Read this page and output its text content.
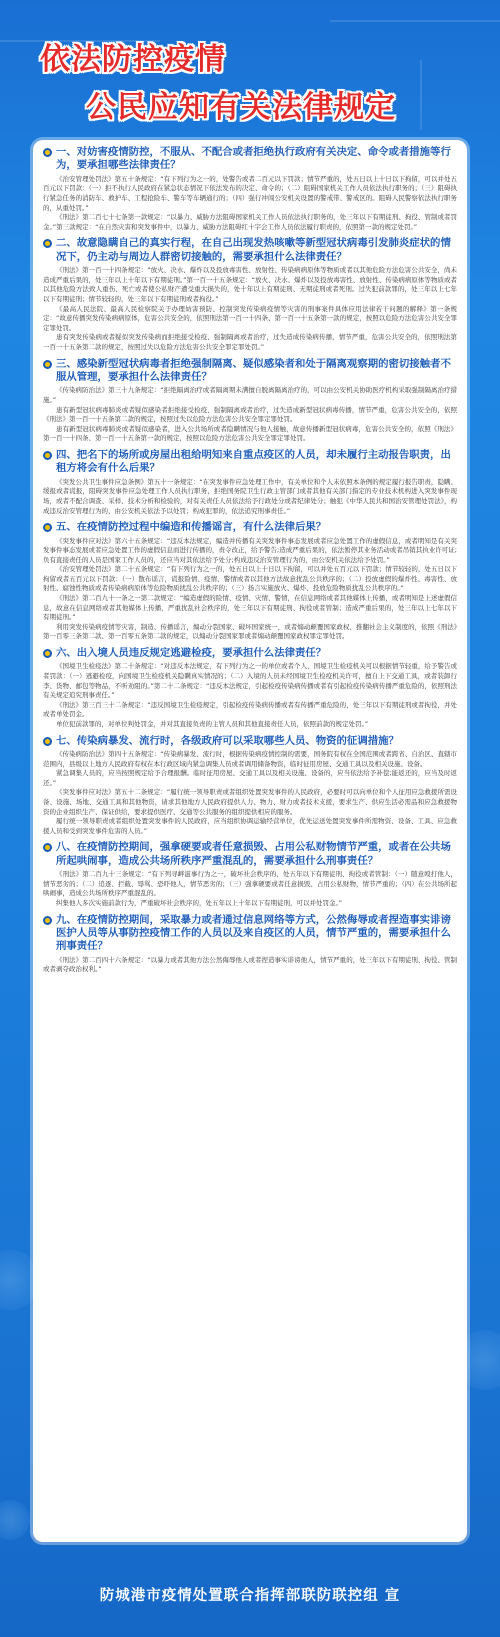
依法防控疫情
公民应知有关法律规定
一、对妨害疫情防控，不服从、不配合或者拒绝执行政府有关决定、命令或者措施等行为，要承担哪些法律责任？

《治安管理处罚法》第五十条规定：“有下列行为之一的，处警告或者二百元以下罚款；情节严重的，处五日以上十日以下拘留，可以并处五百元以下罚款：（一）拒不执行人民政府在紧急状态情况下依法发布的决定、命令的；（二）阻碍国家机关工作人员依法执行职务的；（三）阻碍执行紧急任务的消防车、救护车、工程抢险车、警车等车辆通行的；（四）强行冲闯公安机关设置的警戒带、警戒区的。阻碍人民警察依法执行职务的，从重处罚。”

《刑法》第二百七十七条第一款规定：“以暴力、威胁方法阻碍国家机关工作人员依法执行职务的，处三年以下有期徒刑、拘役、管制或者罚金。”第三款规定：“在自然灾害和突发事件中，以暴力、威胁方法阻碍红十字会工作人员依法履行职责的，依照第一款的规定处罚。”

二、故意隐瞒自己的真实行程，在自己出现发热咳嗽等新型冠状病毒引发肺炎症状的情况下，仍主动与周边人群密切接触的，需要承担什么法律责任？

《刑法》第一百一十四条规定：“放火、决水、爆炸以及投放毒害性、放射性、传染病病原体等物质或者以其他危险方法危害公共安全，尚未造成严重后果的，处三年以上十年以下有期徒刑。”第一百一十五条规定：“放火、决水、爆炸以及投放毒害性、放射性、传染病病原体等物质或者以其他危险方法致人重伤、死亡或者使公私财产遭受重大损失的，处十年以上有期徒刑、无期徒刑或者死刑。过失犯前款罪的，处三年以上七年以下有期徒刑；情节较轻的，处三年以下有期徒刑或者拘役。”

《最高人民法院、最高人民检察院关于办理妨害预防、控制突发传染病疫情等灾害的刑事案件具体应用法律若干问题的解释》第一条规定：“故意传播突发传染病病原体，危害公共安全的，依照刑法第一百一十四条、第一百一十五条第一款的规定，按照以危险方法危害公共安全罪定罪处罚。

患有突发传染病或者疑似突发传染病而拒绝接受检疫、强制隔离或者治疗，过失造成传染病传播，情节严重，危害公共安全的，依照刑法第一百一十五条第二款的规定，按照过失以危险方法危害公共安全罪定罪处罚。”

三、感染新型冠状病毒者拒绝强制隔离、疑似感染者和处于隔离观察期的密切接触者不服从管理，要承担什么法律责任？

《传染病防治法》第三十九条规定：“拒绝隔离治疗或者隔离期未满擅自脱离隔离治疗的，可以由公安机关协助医疗机构采取强制隔离治疗措施。”

患有新型冠状病毒肺炎或者疑似感染者拒绝接受检疫、强制隔离或者治疗，过失造成新型冠状病毒传播，情节严重，危害公共安全的，依照《刑法》第一百一十五条第二款的规定，按照过失以危险方法危害公共安全罪定罪处罚。

患有新型冠状病毒肺炎或者疑似感染者，进入公共场所或者隐瞒情况与他人接触，故意传播新型冠状病毒，危害公共安全的，依照《刑法》第一百一十四条、第一百一十五条第一款的规定，按照以危险方法危害公共安全罪定罪处罚。

四、把名下的场所或房屋出租给明知来自重点疫区的人员，却未履行主动报告职责，出租方将会有什么后果？

《突发公共卫生事件应急条例》第五十一条规定：“在突发事件应急处理工作中，有关单位和个人未依照本条例的规定履行报告职责，隐瞒、缓报或者谎报，阻碍突发事件应急处理工作人员执行职务，拒绝国务院卫生行政主管部门或者其他有关部门指定的专业技术机构进入突发事件现场，或者不配合调查、采样、技术分析和检验的，对有关责任人员依法给予行政处分或者纪律处分；触犯《中华人民共和国治安管理处罚法》，构成违反治安管理行为的，由公安机关依法予以处罚；构成犯罪的，依法追究刑事责任。”

五、在疫情防控过程中编造和传播谣言，有什么法律后果？

《突发事件应对法》第六十五条规定：“违反本法规定，编造并传播有关突发事件事态发展或者应急处置工作的虚假信息，或者明知是有关突发事件事态发展或者应急处置工作的虚假信息而进行传播的，责令改正，给予警告;造成严重后果的，依法暂停其业务活动或者吊销其执业许可证;负有直接责任的人员是国家工作人员的，还应当对其依法给予处分;构成违反治安管理行为的，由公安机关依法给予处罚。”

《治安管理处罚法》第二十五条规定：“有下列行为之一的，处五日以上十日以下拘留，可以并处五百元以下罚款；情节较轻的，处五日以下拘留或者五百元以下罚款：（一）散布谣言，谎报险情、疫情、警情或者以其他方法故意扰乱公共秩序的；（二）投放虚假的爆炸性、毒害性、放射性、腐蚀性物质或者传染病病原体等危险物质扰乱公共秩序的；（三）扬言实施放火、爆炸、投放危险物质扰乱公共秩序的。”

《刑法》第二百九十一条之一第二款规定：“编造虚假的险情、疫情、灾情、警情，在信息网络或者其他媒体上传播，或者明知是上述虚假信息，故意在信息网络或者其他媒体上传播，严重扰乱社会秩序的，处三年以下有期徒刑、拘役或者管制；造成严重后果的，处三年以上七年以下有期徒刑。”

利用突发传染病疫情等灾害，制造、传播谣言，煽动分裂国家、破坏国家统一，或者煽动颠覆国家政权、推翻社会主义制度的，依照《刑法》第一百零三条第二款、第一百零五条第二款的规定，以煽动分裂国家罪或者煽动颠覆国家政权罪定罪处罚。

六、出入境人员违反规定逃避检疫，要承担什么法律责任？

《国境卫生检疫法》第二十条规定：“对违反本法规定，有下列行为之一的单位或者个人，国境卫生检疫机关可以根据情节轻重，给予警告或者罚款：（一）逃避检疫，向国境卫生检疫机关隐瞒真实情况的；（二）入境的人员未经国境卫生检疫机关许可，擅自上下交通工具，或者装卸行李、货物、邮包等物品，不听劝阻的。”第二十二条规定：“违反本法规定，引起检疫传染病传播或者有引起检疫传染病传播严重危险的，依照刑法有关规定追究刑事责任。”

《刑法》第三百三十二条规定：“违反国境卫生检疫规定，引起检疫传染病传播或者有传播严重危险的，处三年以下有期徒刑或者拘役，并处或者单处罚金。

单位犯前款罪的，对单位判处罚金，并对其直接负责的主管人员和其他直接责任人员，依照前款的规定处罚。”

七、传染病暴发、流行时，各级政府可以采取哪些人员、物资的征调措施？

《传染病防治法》第四十五条规定：“传染病暴发、流行时，根据传染病疫情控制的需要，国务院有权在全国范围或者跨省、自治区、直辖市范围内，县级以上地方人民政府有权在本行政区域内紧急调集人员或者调用储备物资，临时征用房屋、交通工具以及相关设施、设备。

紧急调集人员的，应当按照规定给予合理报酬。临时征用房屋、交通工具以及相关设施、设备的，应当依法给予补偿;能返还的，应当及时返还。”

《突发事件应对法》第五十二条规定：“履行统一领导职责或者组织处置突发事件的人民政府，必要时可以向单位和个人征用应急救援所需设备、设施、场地、交通工具和其他物资，请求其他地方人民政府提供人力、物力、财力或者技术支援，要求生产、供应生活必需品和应急救援物资的企业组织生产、保证供给，要求提供医疗、交通等公共服务的组织提供相应的服务。

履行统一领导职责或者组织处置突发事件的人民政府，应当组织协调运输经营单位，优先运送处置突发事件所需物资、设备、工具、应急救援人员和受到突发事件危害的人员。”

八、在疫情防控期间，强拿硬要或者任意损毁、占用公私财物情节严重，或者在公共场所起哄闹事，造成公共场所秩序严重混乱的，需要承担什么刑事责任？

《刑法》第二百九十三条规定：“有下列寻衅滋事行为之一，破坏社会秩序的，处五年以下有期徒刑、拘役或者管制：（一）随意殴打他人，情节恶劣的；（二）追逐、拦截、辱骂、恐吓他人，情节恶劣的；（三）强拿硬要或者任意损毁、占用公私财物，情节严重的；（四）在公共场所起哄闹事，造成公共场所秩序严重混乱的。

纠集他人多次实施前款行为，严重破坏社会秩序的，处五年以上十年以下有期徒刑，可以并处罚金。”

九、在疫情防控期间，采取暴力或者通过信息网络等方式，公然侮辱或者捏造事实诽谤医护人员等从事防控疫情工作的人员以及来自疫区的人员，情节严重的，需要承担什么刑事责任？

《刑法》第二百四十六条规定：“以暴力或者其他方法公然侮辱他人或者捏造事实诽谤他人，情节严重的，处三年以下有期徒刑、拘役、管制或者剥夺政治权利。”

防城港市疫情处置联合指挥部联防联控组 宣
